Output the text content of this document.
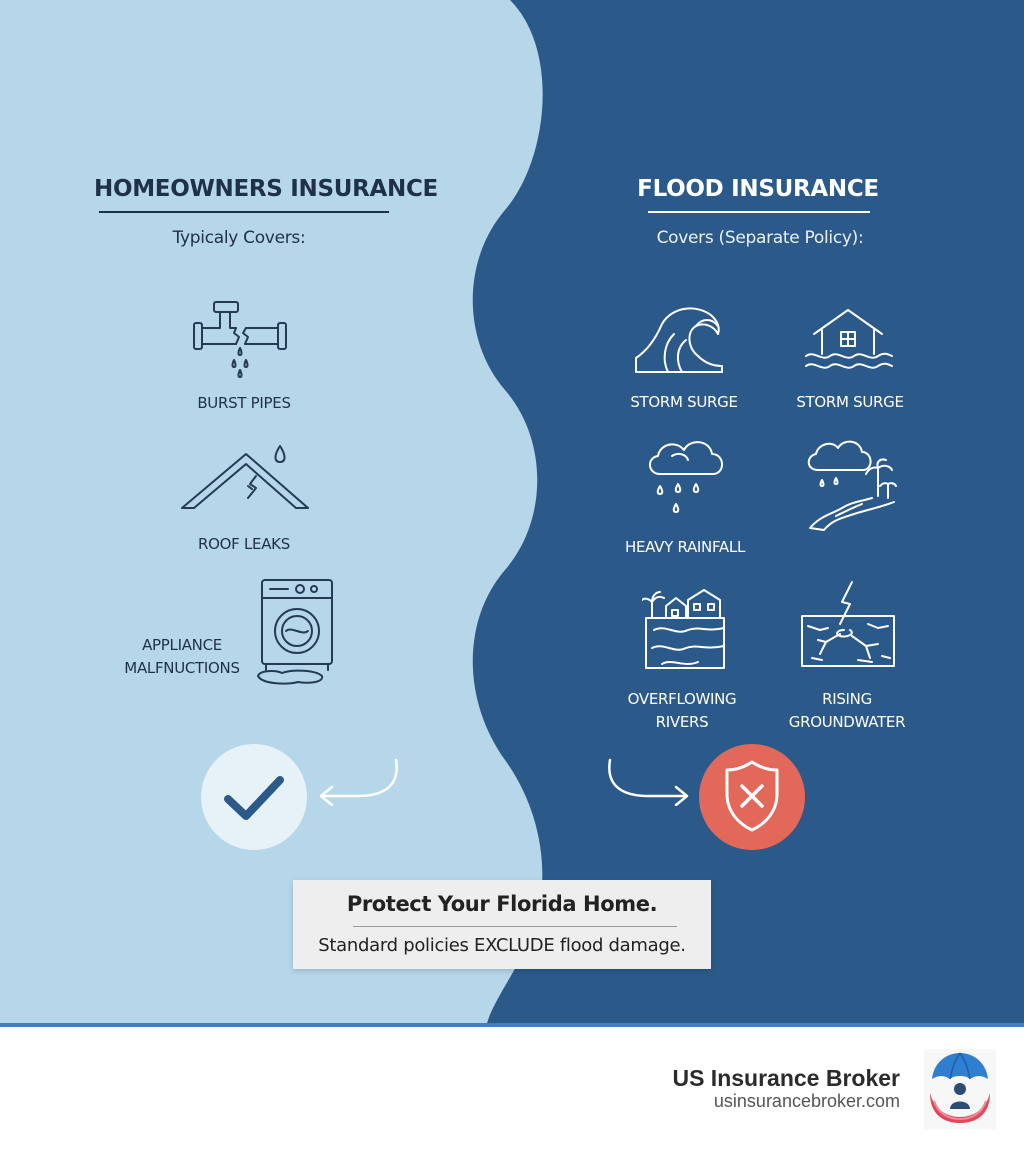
HOMEOWNERS INSURANCE
Typicaly Covers:
BURST PIPES
ROOF LEAKS
APPLIANCE
MALFNUCTIONS
FLOOD INSURANCE
Covers (Separate Policy):
STORM SURGE	STORM SURGE
HEAVY RAINFALL
OVERFLOWING
RIVERS
RISING
GROUNDWATER
Protect Your Florida Home.
Standard policies EXCLUDE flood damage.
US Insurance Broker
usinsurancebroker.com
